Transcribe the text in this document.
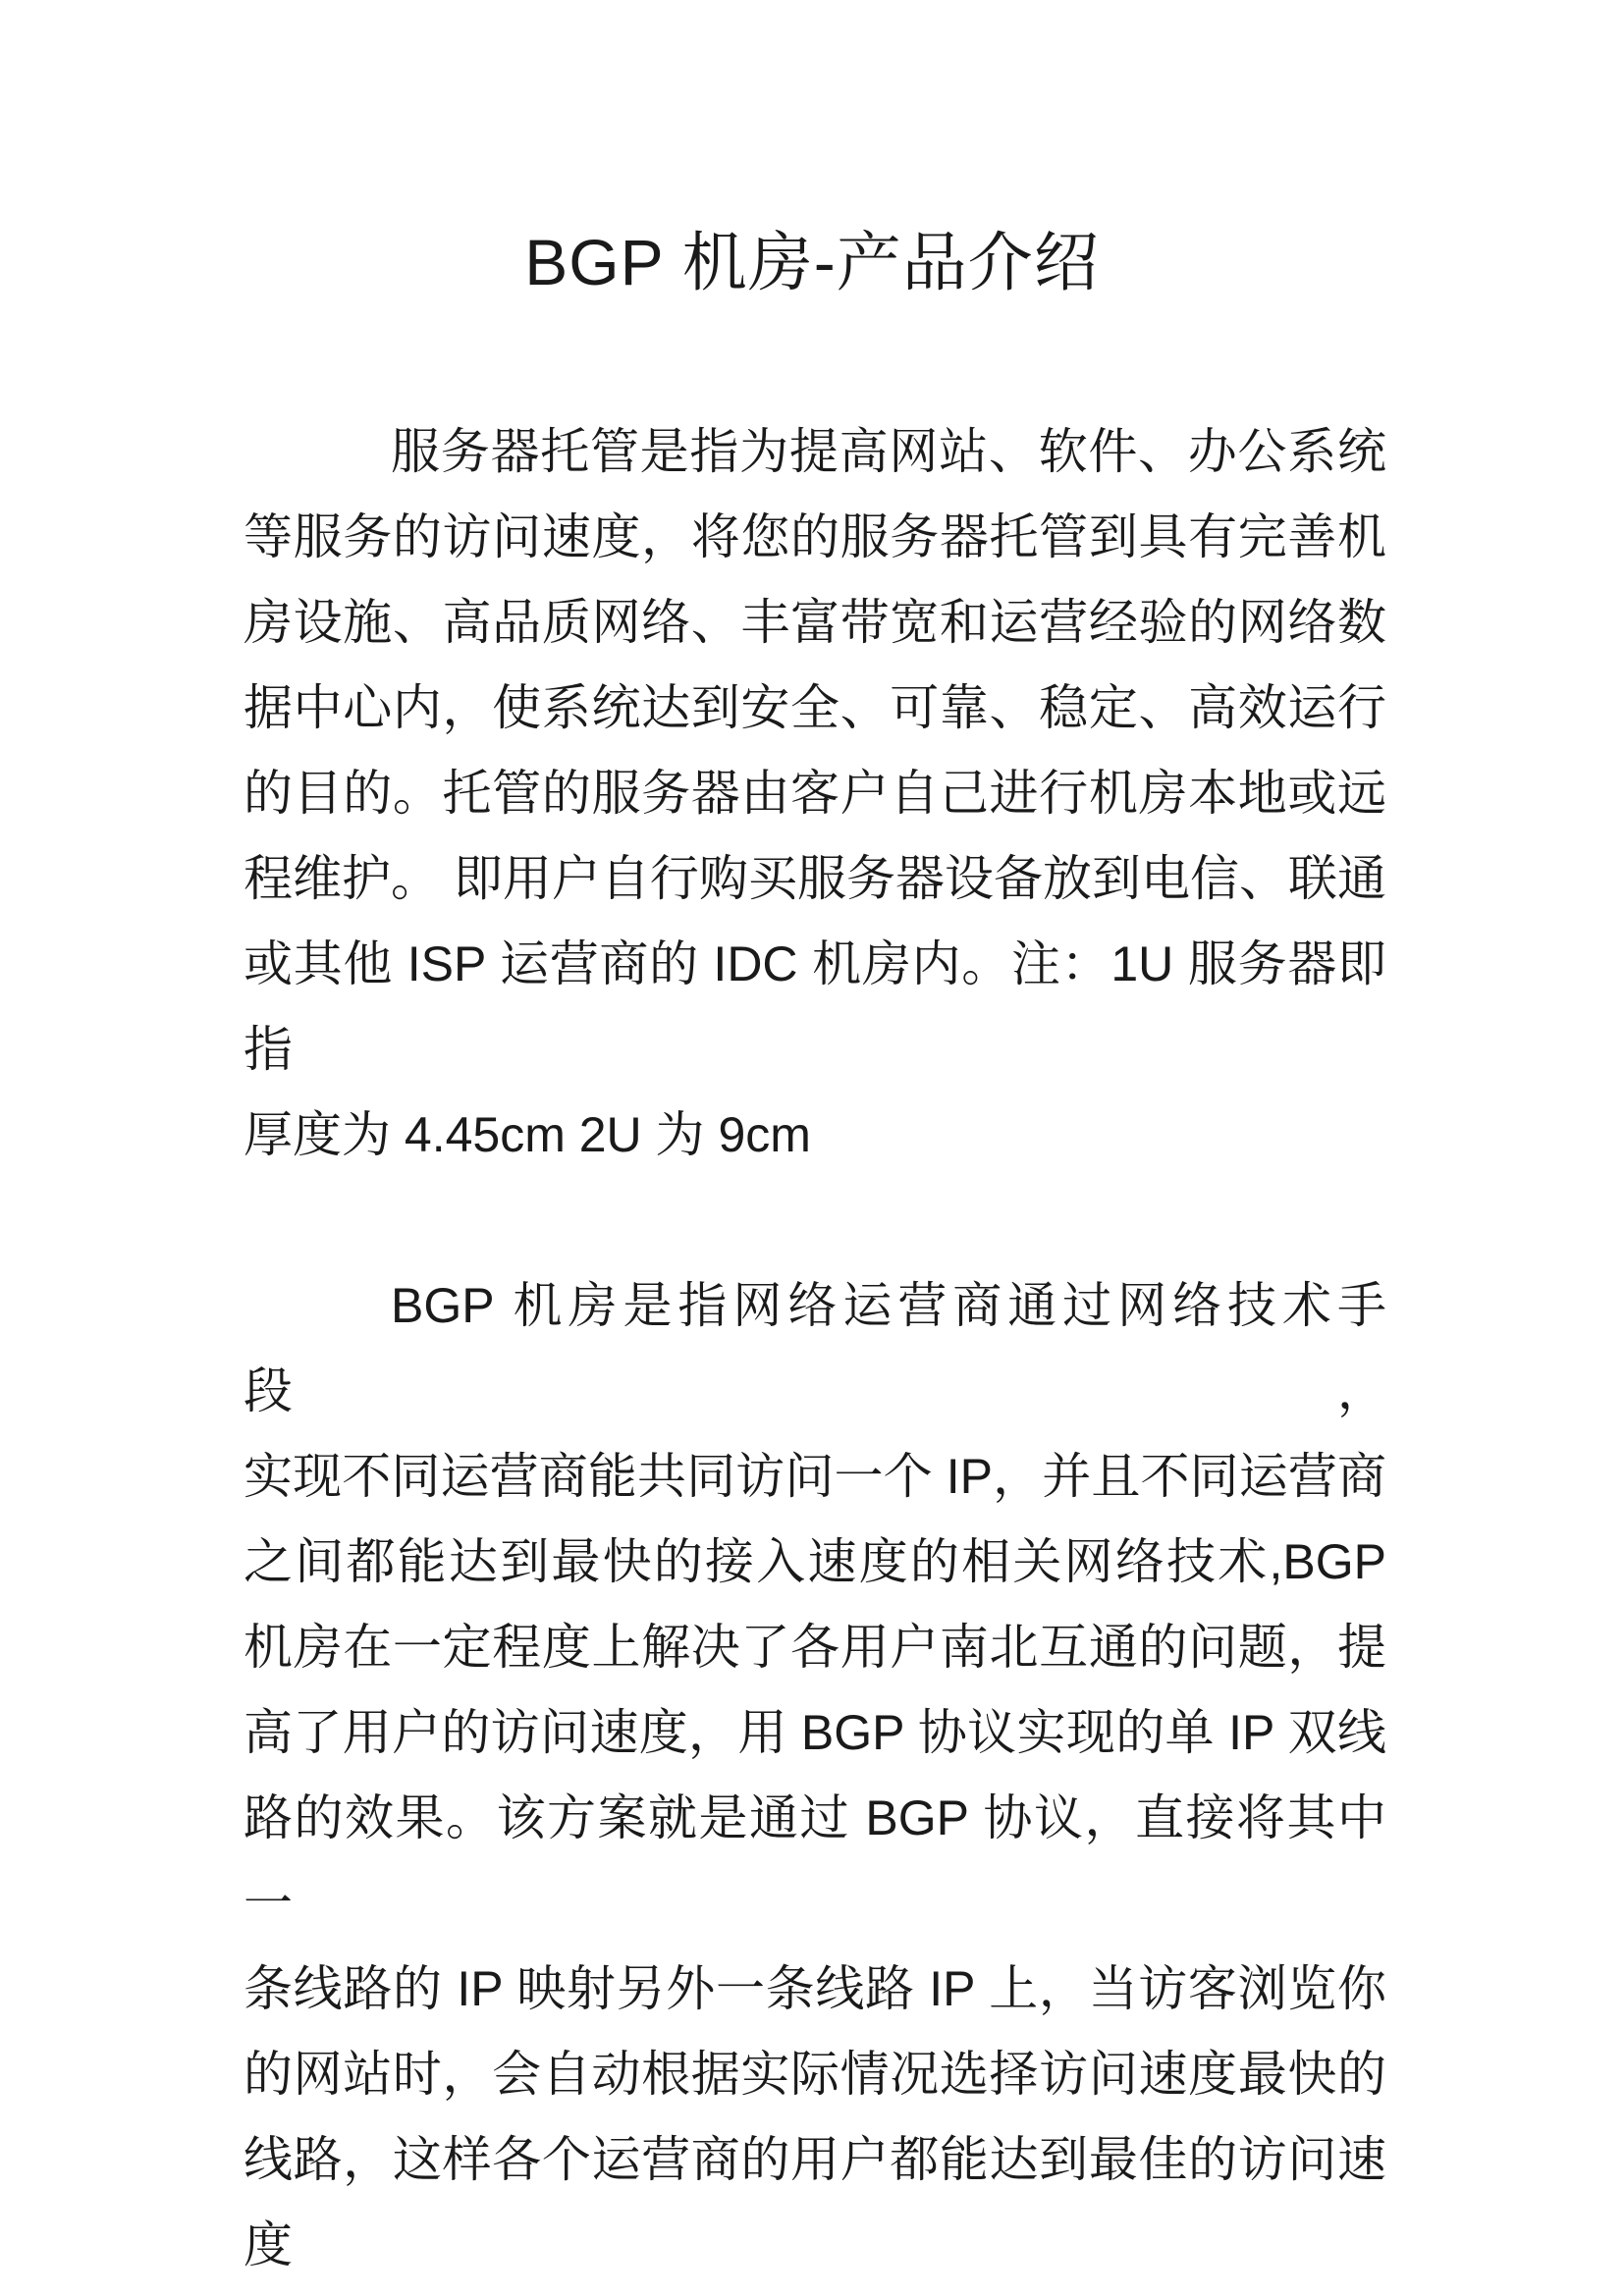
BGP 机房-产品介绍
服务器托管是指为提高网站、软件、办公系统
等服务的访问速度，将您的服务器托管到具有完善机
房设施、高品质网络、丰富带宽和运营经验的网络数
据中心内，使系统达到安全、可靠、稳定、高效运行
的目的。托管的服务器由客户自己进行机房本地或远
程维护。 即用户自行购买服务器设备放到电信、联通
或其他 ISP 运营商的 IDC 机房内。注：1U 服务器即指
厚度为 4.45cm 2U 为 9cm
BGP 机房是指网络运营商通过网络技术手段，
实现不同运营商能共同访问一个 IP，并且不同运营商
之间都能达到最快的接入速度的相关网络技术,BGP
机房在一定程度上解决了各用户南北互通的问题，提
高了用户的访问速度，用 BGP 协议实现的单 IP 双线
路的效果。该方案就是通过 BGP 协议，直接将其中一
条线路的 IP 映射另外一条线路 IP 上，当访客浏览你
的网站时，会自动根据实际情况选择访问速度最快的
线路，这样各个运营商的用户都能达到最佳的访问速
度
